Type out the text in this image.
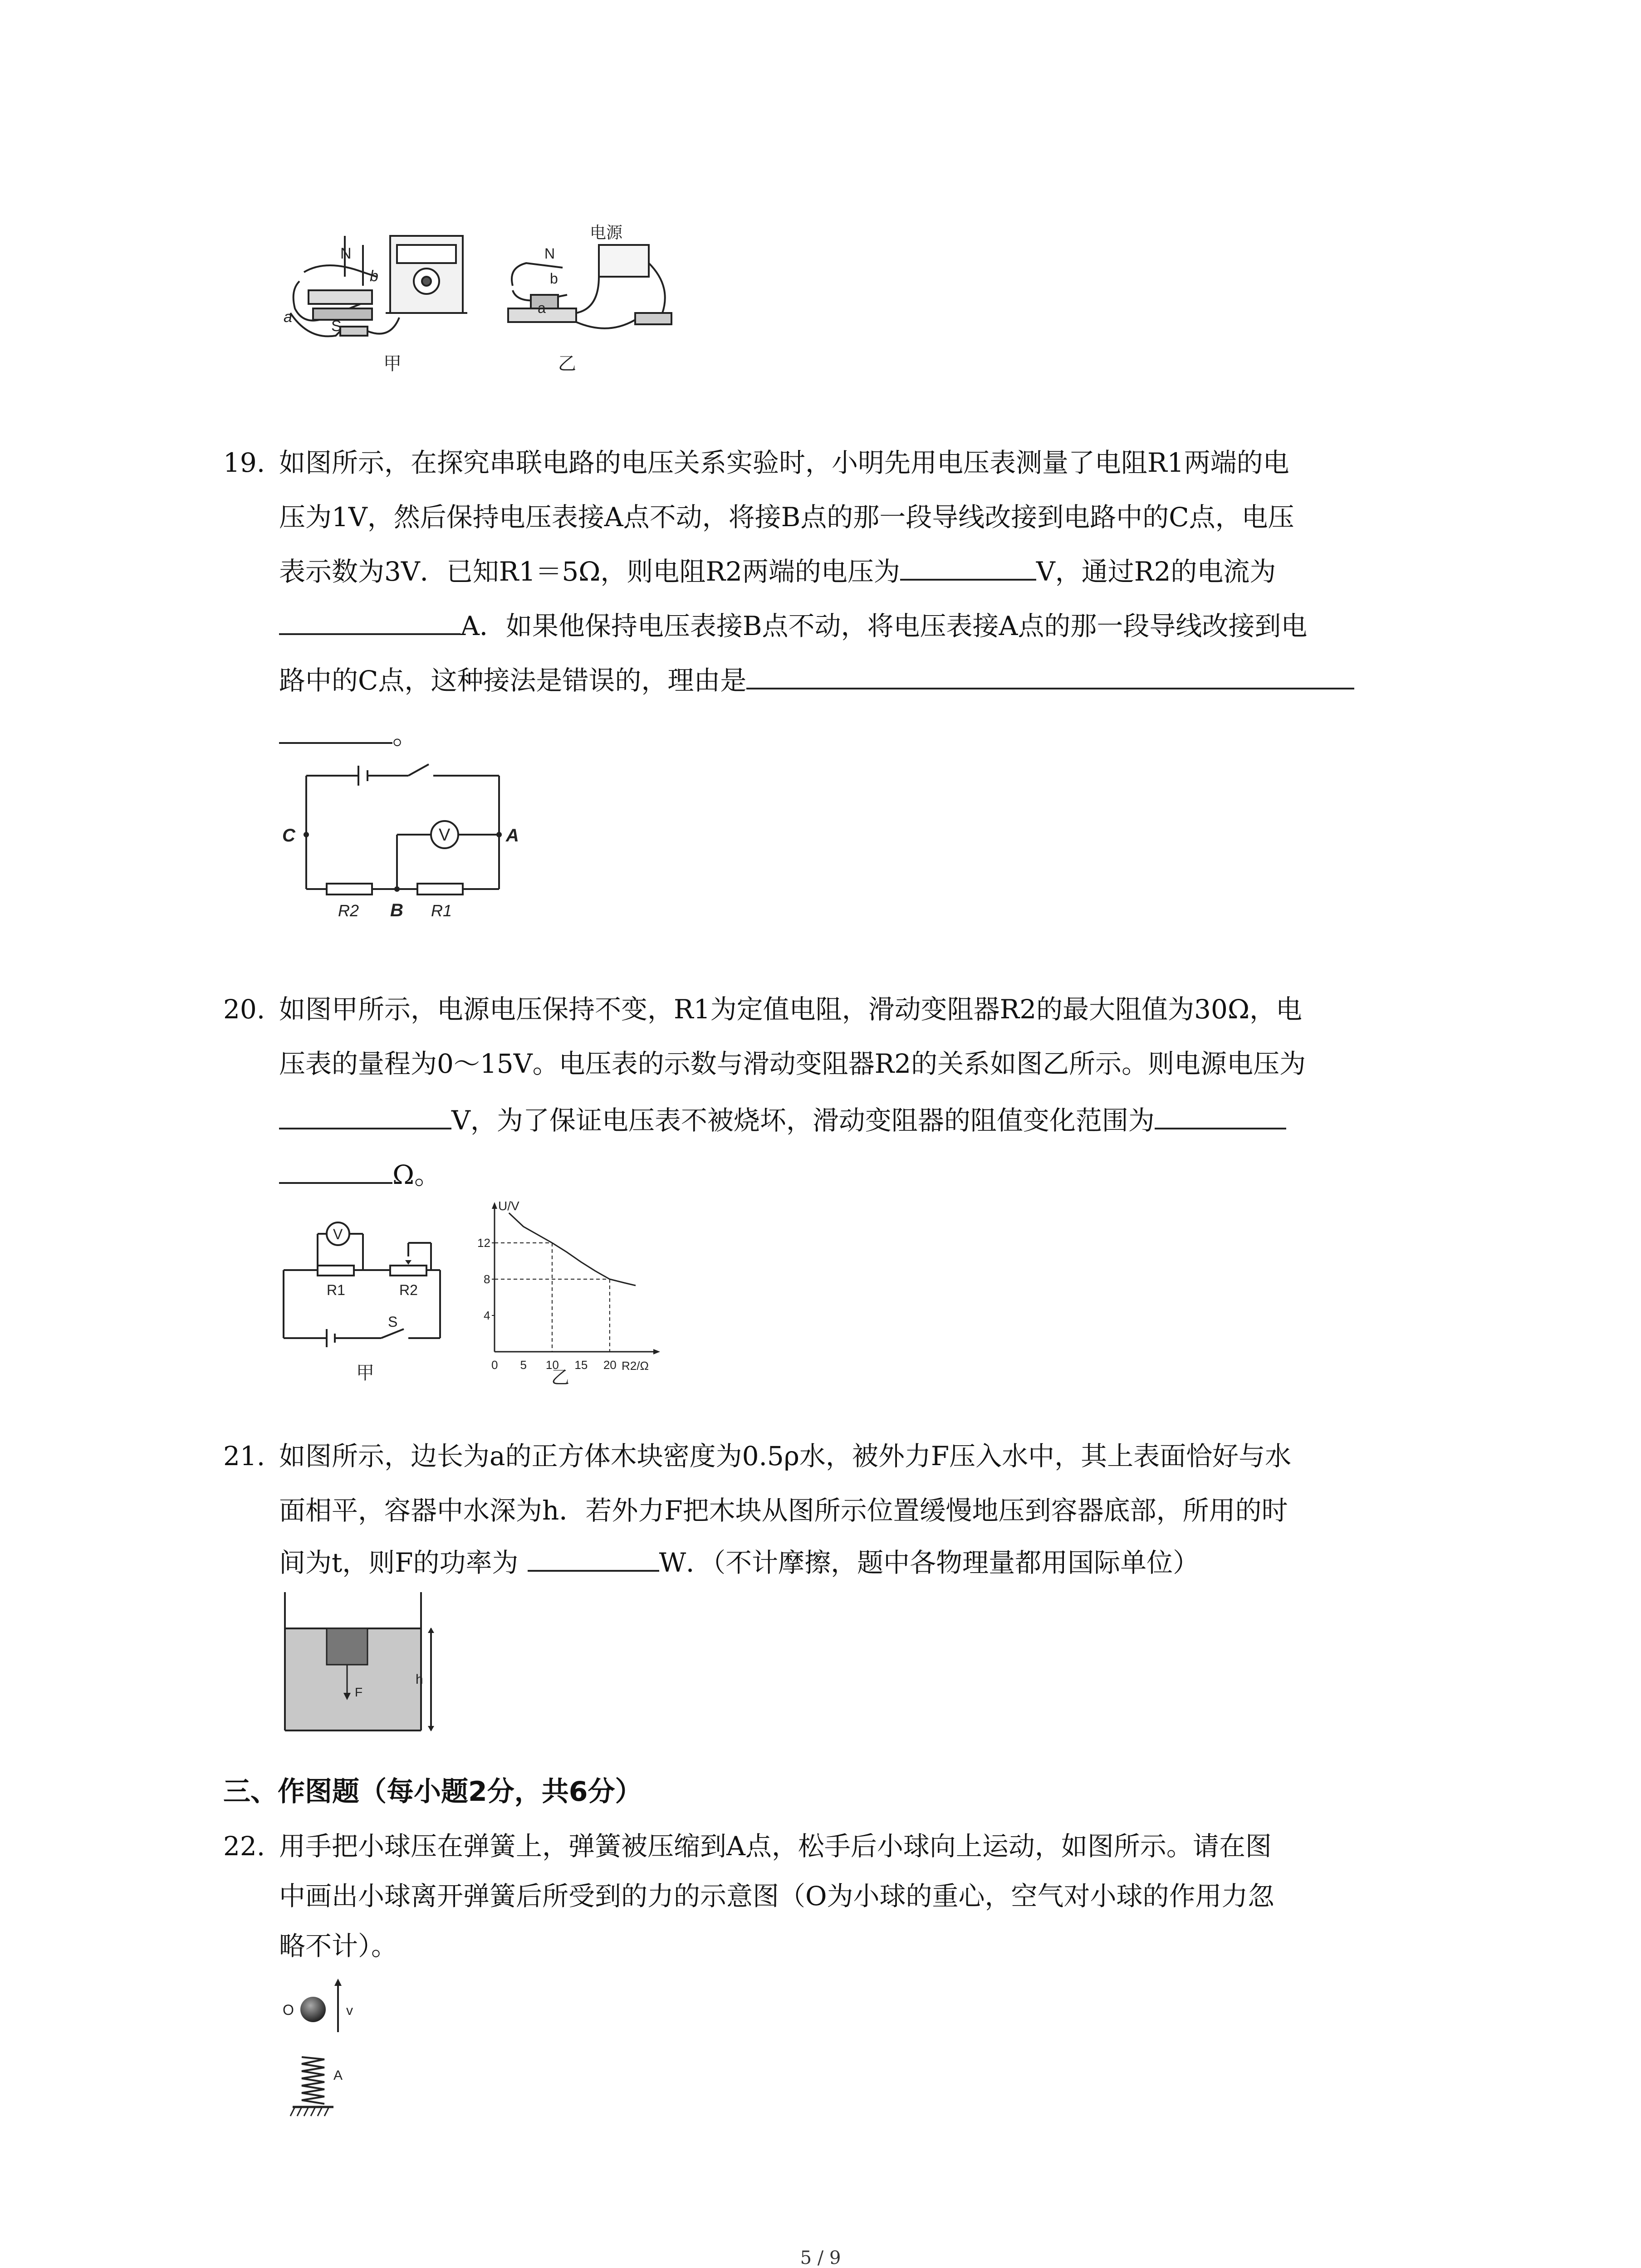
N
b
a
S
甲
电源
N
b
a
乙
19. 如图所示，在探究串联电路的电压关系实验时，小明先用电压表测量了电阻R1两端的电
压为1V，然后保持电压表接A点不动，将接B点的那一段导线改接到电路中的C点，电压
表示数为3V．已知R1＝5Ω，则电阻R2两端的电压为	V，通过R2的电流为
A．如果他保持电压表接B点不动，将电压表接A点的那一段导线改接到电
路中的C点，这种接法是错误的，理由是
。
V
C	A
B
R2	R1
20. 如图甲所示，电源电压保持不变，R1为定值电阻，滑动变阻器R2的最大阻值为30Ω，电
压表的量程为0～15V。电压表的示数与滑动变阻器R2的关系如图乙所示。则电源电压为
V，为了保证电压表不被烧坏，滑动变阻器的阻值变化范围为
Ω。
V
R1	R2
S
甲
U/V
R2/Ω
0 5 10 15 20
4
8
12
乙
21. 如图所示，边长为a的正方体木块密度为0.5ρ水，被外力F压入水中，其上表面恰好与水
面相平，容器中水深为h．若外力F把木块从图所示位置缓慢地压到容器底部，所用的时
间为t，则F的功率为	W．（不计摩擦，题中各物理量都用国际单位）
F
h
三、作图题（每小题2分，共6分）
22. 用手把小球压在弹簧上，弹簧被压缩到A点，松手后小球向上运动，如图所示。请在图
中画出小球离开弹簧后所受到的力的示意图（O为小球的重心，空气对小球的作用力忽
略不计）。
O	v
A
5 / 9
